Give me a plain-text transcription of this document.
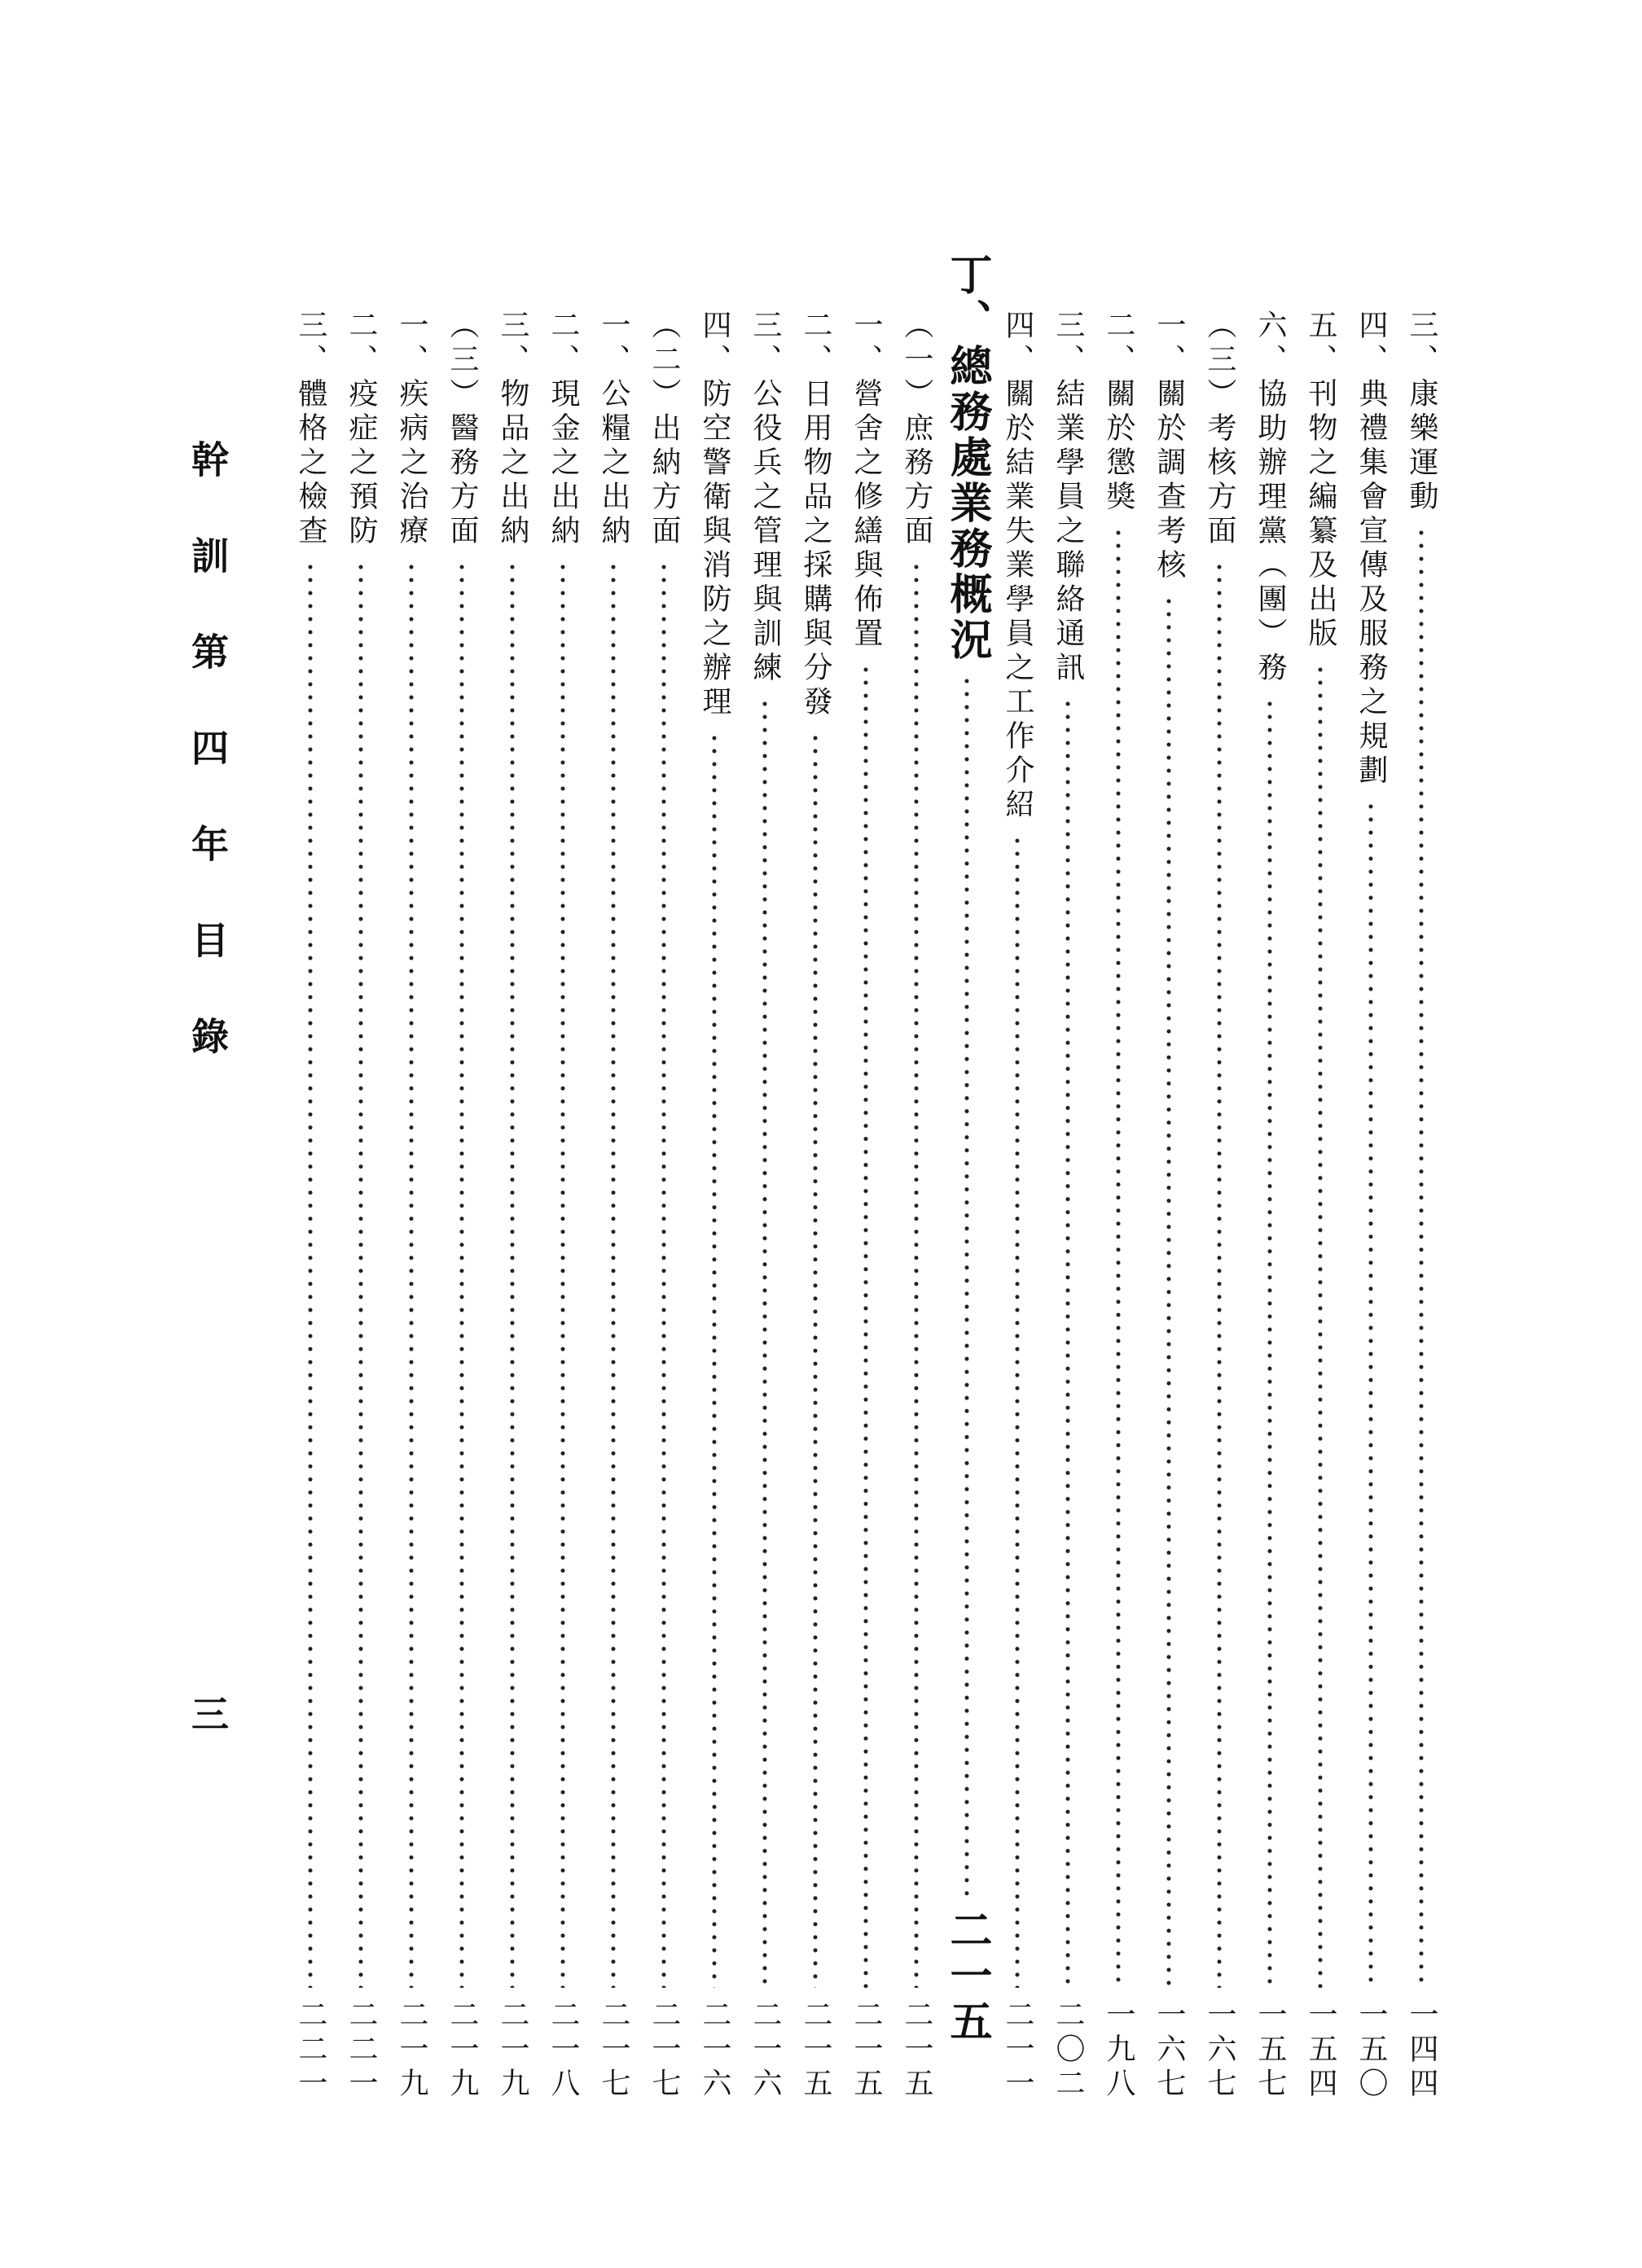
三、康樂運動
一四四
四、典禮集會宣傳及服務之規劃
一五〇
五、刊物之編纂及出版
一五四
六、協助辦理黨（團）務
一五七
（三）考核方面
一六七
一、關於調查考核
一六七
二、關於懲獎
一九八
三、結業學員之聯絡通訊
二〇二
四、關於結業失業學員之工作介紹
二一一
丁、總務處業務概況
二一五
（一）庶務方面
二一五
一、營舍之修繕與佈置
二一五
二、日用物品之採購與分發
二一五
三、公役兵之管理與訓練
二一六
四、防空警衛與消防之辦理
二一六
（二）出納方面
二一七
一、公糧之出納
二一七
二、現金之出納
二一八
三、物品之出納
二一九
（三）醫務方面
二一九
一、疾病之治療
二一九
二、疫症之預防
二二一
三、體格之檢查
二二一
幹訓第四年目錄
三
